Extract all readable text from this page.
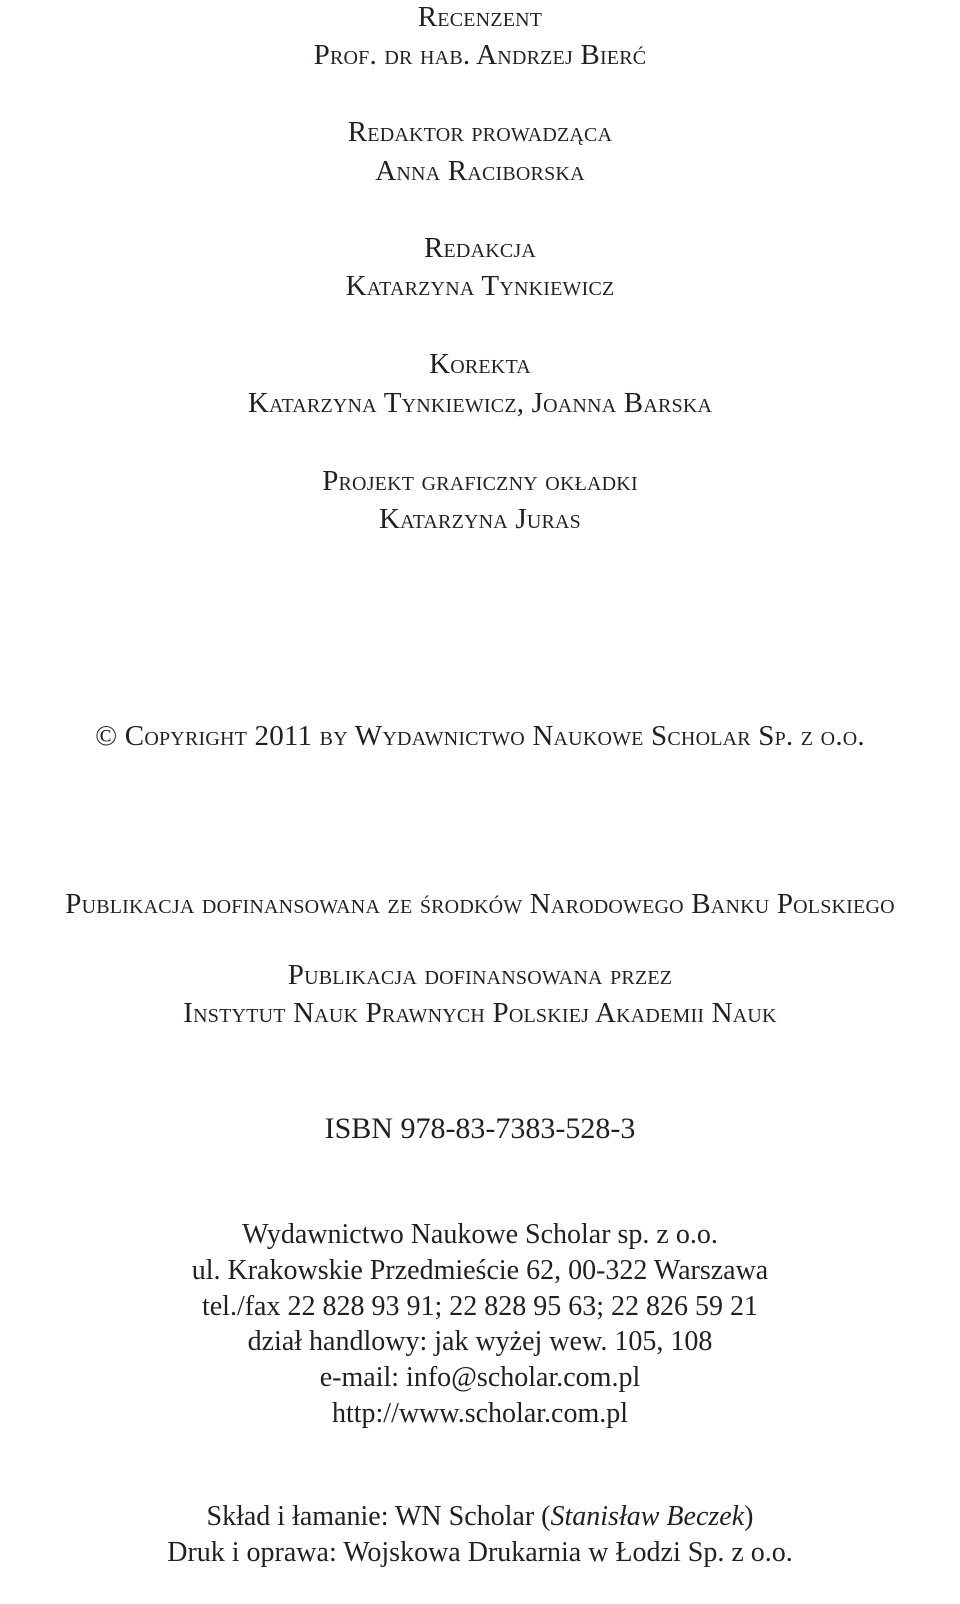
Recenzent
Prof. dr hab. Andrzej Bierć
Redaktor prowadząca
Anna Raciborska
Redakcja
Katarzyna Tynkiewicz
Korekta
Katarzyna Tynkiewicz, Joanna Barska
Projekt graficzny okładki
Katarzyna Juras
© Copyright 2011 by Wydawnictwo Naukowe Scholar Sp. z o.o.
Publikacja dofinansowana ze środków Narodowego Banku Polskiego
Publikacja dofinansowana przez
Instytut Nauk Prawnych Polskiej Akademii Nauk
ISBN 978-83-7383-528-3
Wydawnictwo Naukowe Scholar sp. z o.o.
ul. Krakowskie Przedmieście 62, 00-322 Warszawa
tel./fax 22 828 93 91; 22 828 95 63; 22 826 59 21
dział handlowy: jak wyżej wew. 105, 108
e-mail: info@scholar.com.pl
http://www.scholar.com.pl
Skład i łamanie: WN Scholar (Stanisław Beczek)
Druk i oprawa: Wojskowa Drukarnia w Łodzi Sp. z o.o.
